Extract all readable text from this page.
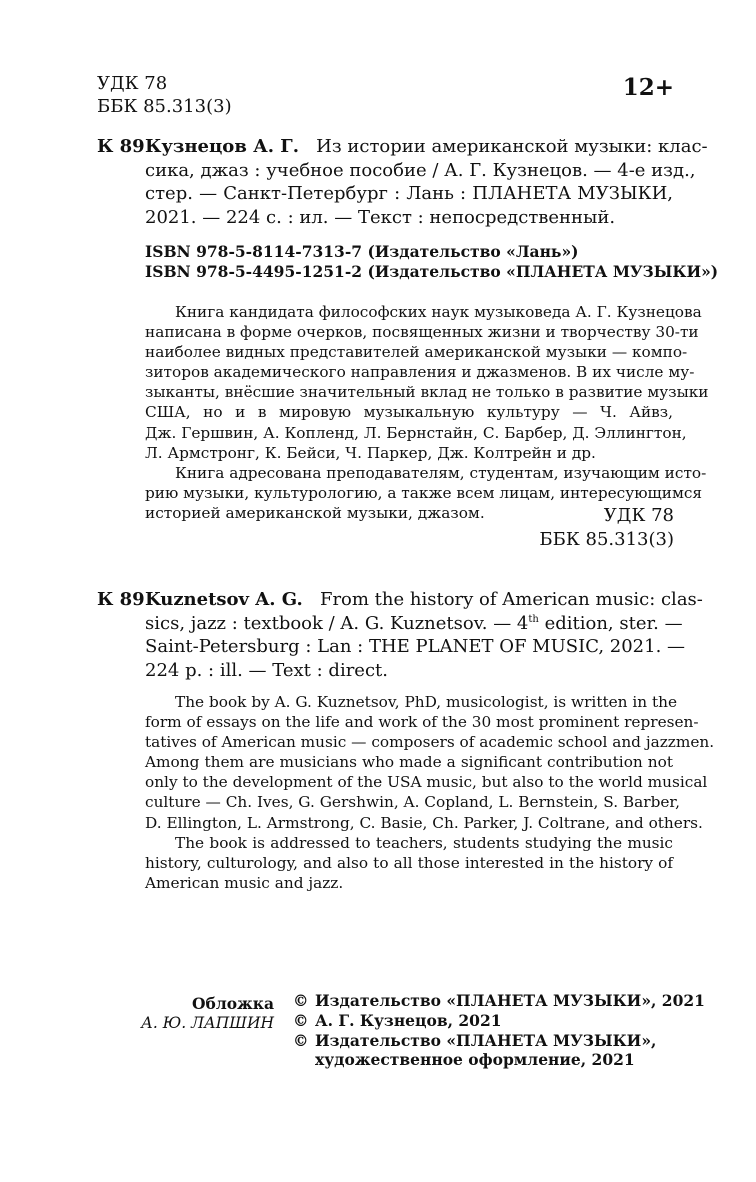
УДК 78
ББК 85.313(3)
12+
К 89 Кузнецов А. Г. Из истории американской музыки: клас-
сика, джаз : учебное пособие / А. Г. Кузнецов. — 4-е изд.,
стер. — Санкт-Петербург : Лань : ПЛАНЕТА МУЗЫКИ,
2021. — 224 с. : ил. — Текст : непосредственный.
ISBN 978-5-8114-7313-7 (Издательство «Лань»)
ISBN 978-5-4495-1251-2 (Издательство «ПЛАНЕТА МУЗЫКИ»)
Книга кандидата философских наук музыковеда А. Г. Кузнецова
написана в форме очерков, посвященных жизни и творчеству 30-ти
наиболее видных представителей американской музыки — компо-
зиторов академического направления и джазменов. В их числе му-
зыканты, внёсшие значительный вклад не только в развитие музыки
США, но и в мировую музыкальную культуру — Ч. Айвз,
Дж. Гершвин, А. Копленд, Л. Бернстайн, С. Барбер, Д. Эллингтон,
Л. Армстронг, К. Бейси, Ч. Паркер, Дж. Колтрейн и др.
Книга адресована преподавателям, студентам, изучающим исто-
рию музыки, культурологию, а также всем лицам, интересующимся
историей американской музыки, джазом.	УДК 78
ББК 85.313(3)
К 89 Kuznetsov A. G. From the history of American music: clas-
sics, jazz : textbook / A. G. Kuznetsov. — 4th edition, ster. —
Saint-Petersburg : Lan : THE PLANET OF MUSIC, 2021. —
224 p. : ill. — Text : direct.
The book by A. G. Kuznetsov, PhD, musicologist, is written in the
form of essays on the life and work of the 30 most prominent represen-
tatives of American music — composers of academic school and jazzmen.
Among them are musicians who made a significant contribution not
only to the development of the USA music, but also to the world musical
culture — Ch. Ives, G. Gershwin, A. Copland, L. Bernstein, S. Barber,
D. Ellington, L. Armstrong, C. Basie, Ch. Parker, J. Coltrane, and others.
The book is addressed to teachers, students studying the music
history, culturology, and also to all those interested in the history of
American music and jazz.
Обложка
А. Ю. ЛАПШИН
© Издательство «ПЛАНЕТА МУЗЫКИ», 2021
© А. Г. Кузнецов, 2021
© Издательство «ПЛАНЕТА МУЗЫКИ»,
художественное оформление, 2021
